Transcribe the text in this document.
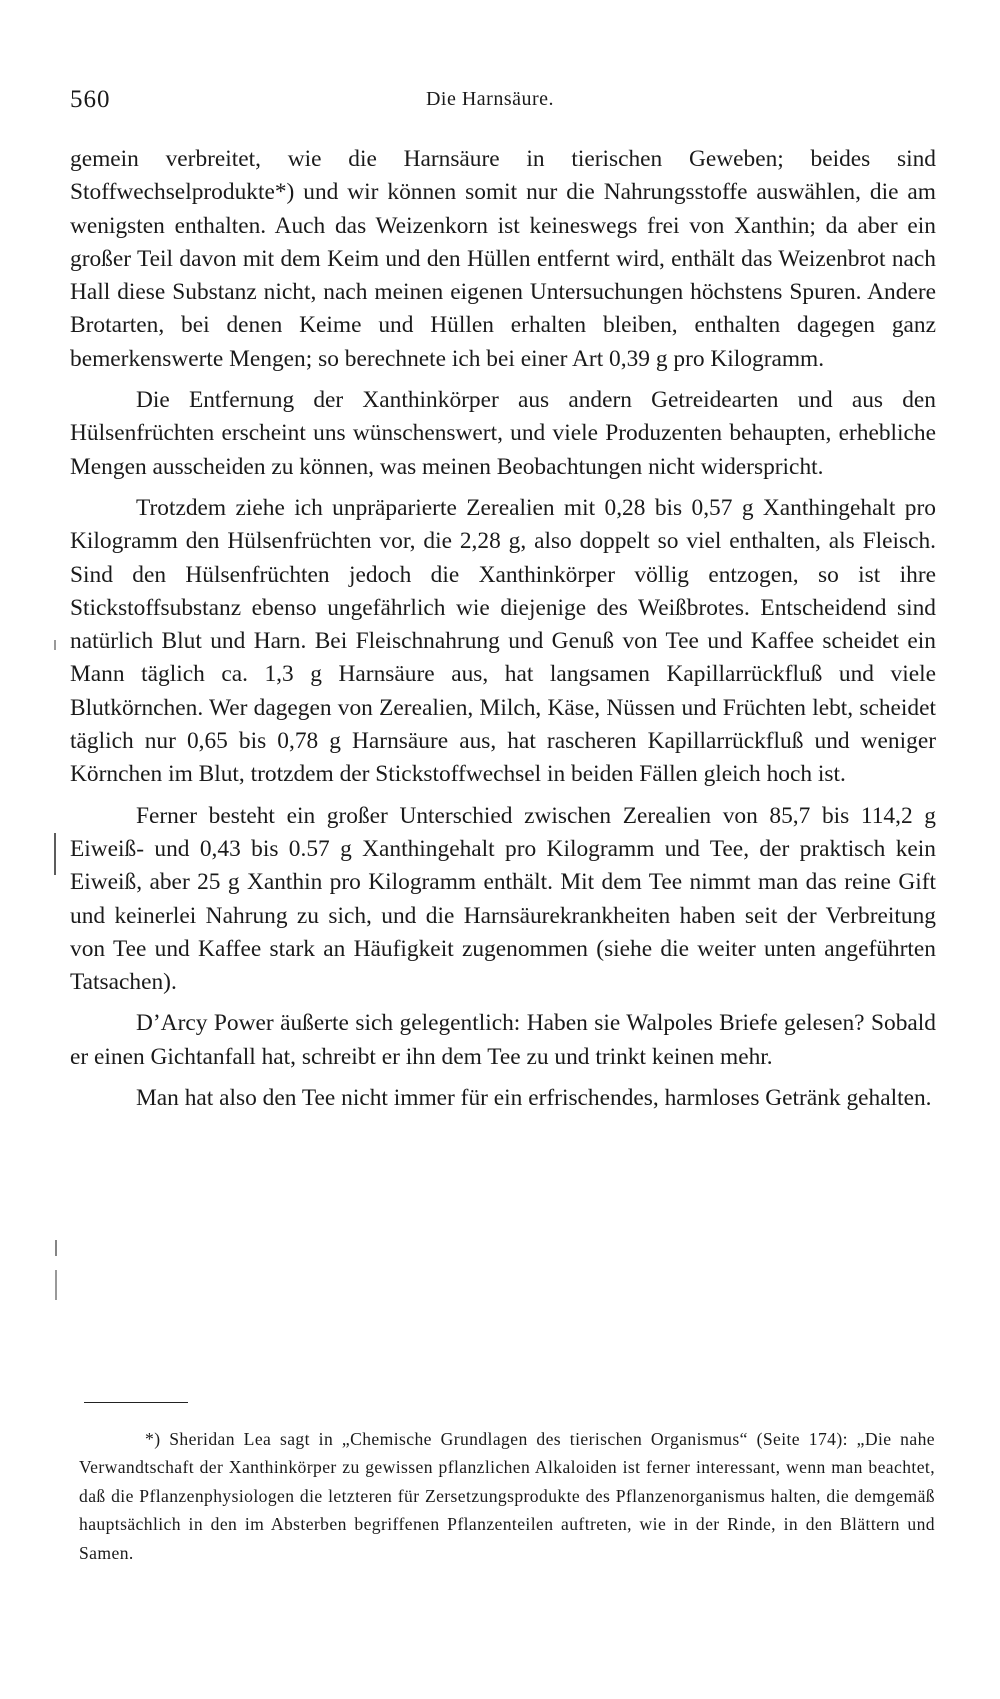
560	Die Harnsäure.

gemein verbreitet, wie die Harnsäure in tierischen Geweben; beides sind Stoffwechselprodukte*) und wir können somit nur die Nahrungsstoffe auswählen, die am wenigsten enthalten. Auch das Weizenkorn ist keineswegs frei von Xanthin; da aber ein großer Teil davon mit dem Keim und den Hüllen entfernt wird, enthält das Weizenbrot nach Hall diese Substanz nicht, nach meinen eigenen Untersuchungen höchstens Spuren. Andere Brotarten, bei denen Keime und Hüllen erhalten bleiben, enthalten dagegen ganz bemerkenswerte Mengen; so berechnete ich bei einer Art 0,39 g pro Kilogramm.

Die Entfernung der Xanthinkörper aus andern Getreidearten und aus den Hülsenfrüchten erscheint uns wünschenswert, und viele Produzenten behaupten, erhebliche Mengen ausscheiden zu können, was meinen Beobachtungen nicht widerspricht.

Trotzdem ziehe ich unpräparierte Zerealien mit 0,28 bis 0,57 g Xanthingehalt pro Kilogramm den Hülsenfrüchten vor, die 2,28 g, also doppelt so viel enthalten, als Fleisch. Sind den Hülsenfrüchten jedoch die Xanthinkörper völlig entzogen, so ist ihre Stickstoffsubstanz ebenso ungefährlich wie diejenige des Weißbrotes. Entscheidend sind natürlich Blut und Harn. Bei Fleischnahrung und Genuß von Tee und Kaffee scheidet ein Mann täglich ca. 1,3 g Harnsäure aus, hat langsamen Kapillarrückfluß und viele Blutkörnchen. Wer dagegen von Zerealien, Milch, Käse, Nüssen und Früchten lebt, scheidet täglich nur 0,65 bis 0,78 g Harnsäure aus, hat rascheren Kapillarrückfluß und weniger Körnchen im Blut, trotzdem der Stickstoffwechsel in beiden Fällen gleich hoch ist.

Ferner besteht ein großer Unterschied zwischen Zerealien von 85,7 bis 114,2 g Eiweiß- und 0,43 bis 0.57 g Xanthingehalt pro Kilogramm und Tee, der praktisch kein Eiweiß, aber 25 g Xanthin pro Kilogramm enthält. Mit dem Tee nimmt man das reine Gift und keinerlei Nahrung zu sich, und die Harnsäurekrankheiten haben seit der Verbreitung von Tee und Kaffee stark an Häufigkeit zugenommen (siehe die weiter unten angeführten Tatsachen).

D’Arcy Power äußerte sich gelegentlich: Haben sie Walpoles Briefe gelesen? Sobald er einen Gichtanfall hat, schreibt er ihn dem Tee zu und trinkt keinen mehr.

Man hat also den Tee nicht immer für ein erfrischendes, harmloses Getränk gehalten.

*) Sheridan Lea sagt in „Chemische Grundlagen des tierischen Organismus“ (Seite 174): „Die nahe Verwandtschaft der Xanthinkörper zu gewissen pflanzlichen Alkaloiden ist ferner interessant, wenn man beachtet, daß die Pflanzenphysiologen die letzteren für Zersetzungsprodukte des Pflanzenorganismus halten, die demgemäß hauptsächlich in den im Absterben begriffenen Pflanzenteilen auftreten, wie in der Rinde, in den Blättern und Samen.
